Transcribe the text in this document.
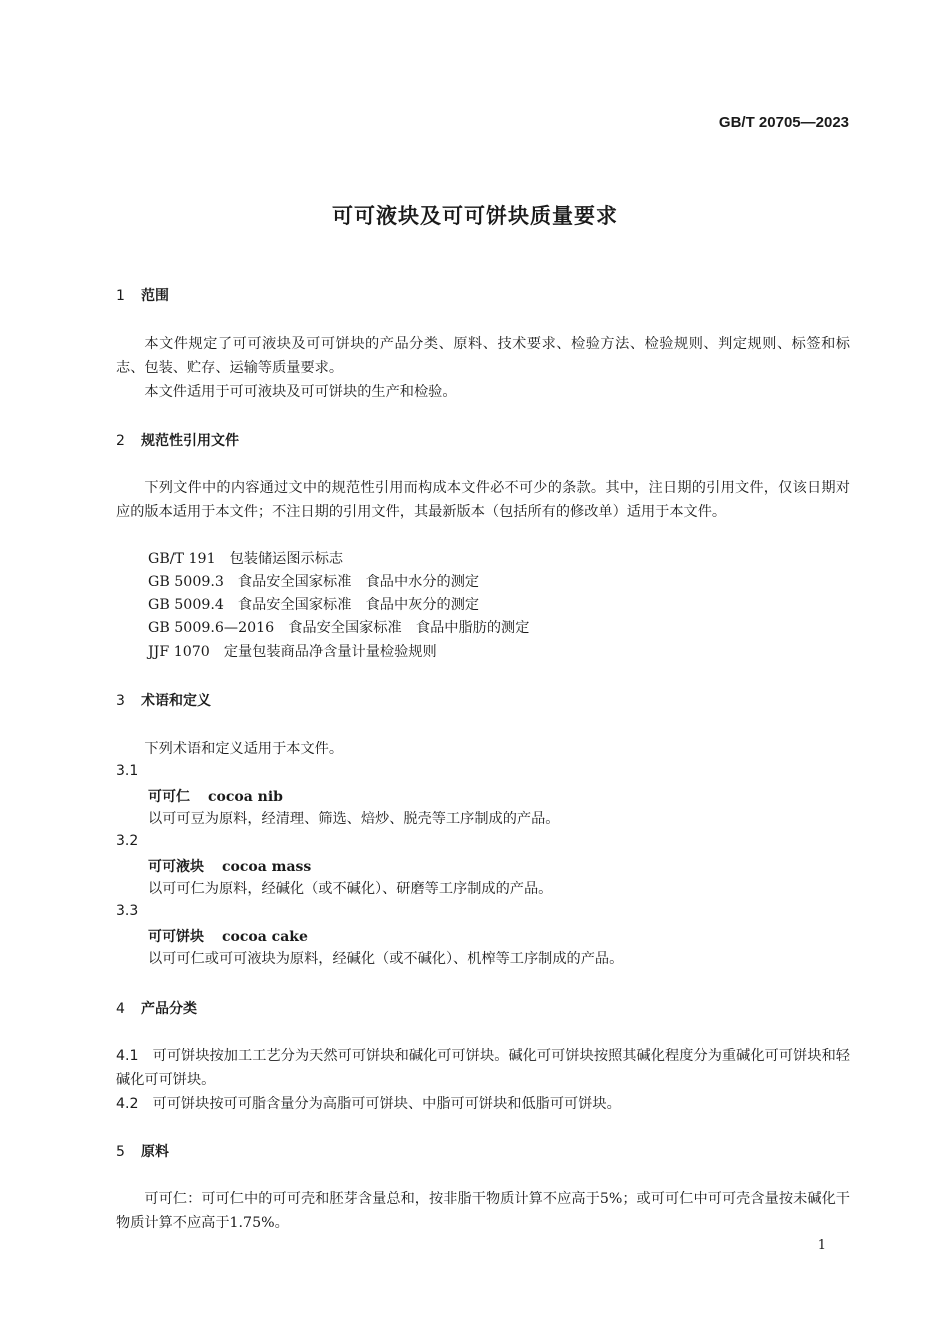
GB/T 20705—2023
可可液块及可可饼块质量要求
1 范围
本文件规定了可可液块及可可饼块的产品分类、原料、技术要求、检验方法、检验规则、判定规则、标签和标志、包装、贮存、运输等质量要求。
本文件适用于可可液块及可可饼块的生产和检验。
2 规范性引用文件
下列文件中的内容通过文中的规范性引用而构成本文件必不可少的条款。其中，注日期的引用文件，仅该日期对应的版本适用于本文件；不注日期的引用文件，其最新版本（包括所有的修改单）适用于本文件。
GB/T 191 包装储运图示标志
GB 5009.3 食品安全国家标准　食品中水分的测定
GB 5009.4 食品安全国家标准　食品中灰分的测定
GB 5009.6—2016 食品安全国家标准　食品中脂肪的测定
JJF 1070 定量包装商品净含量计量检验规则
3 术语和定义
下列术语和定义适用于本文件。
3.1
可可仁 cocoa nib
以可可豆为原料，经清理、筛选、焙炒、脱壳等工序制成的产品。
3.2
可可液块 cocoa mass
以可可仁为原料，经碱化（或不碱化）、研磨等工序制成的产品。
3.3
可可饼块 cocoa cake
以可可仁或可可液块为原料，经碱化（或不碱化）、机榨等工序制成的产品。
4 产品分类
4.1 可可饼块按加工工艺分为天然可可饼块和碱化可可饼块。碱化可可饼块按照其碱化程度分为重碱化可可饼块和轻碱化可可饼块。
4.2 可可饼块按可可脂含量分为高脂可可饼块、中脂可可饼块和低脂可可饼块。
5 原料
可可仁：可可仁中的可可壳和胚芽含量总和，按非脂干物质计算不应高于5%；或可可仁中可可壳含量按未碱化干物质计算不应高于1.75%。
1
